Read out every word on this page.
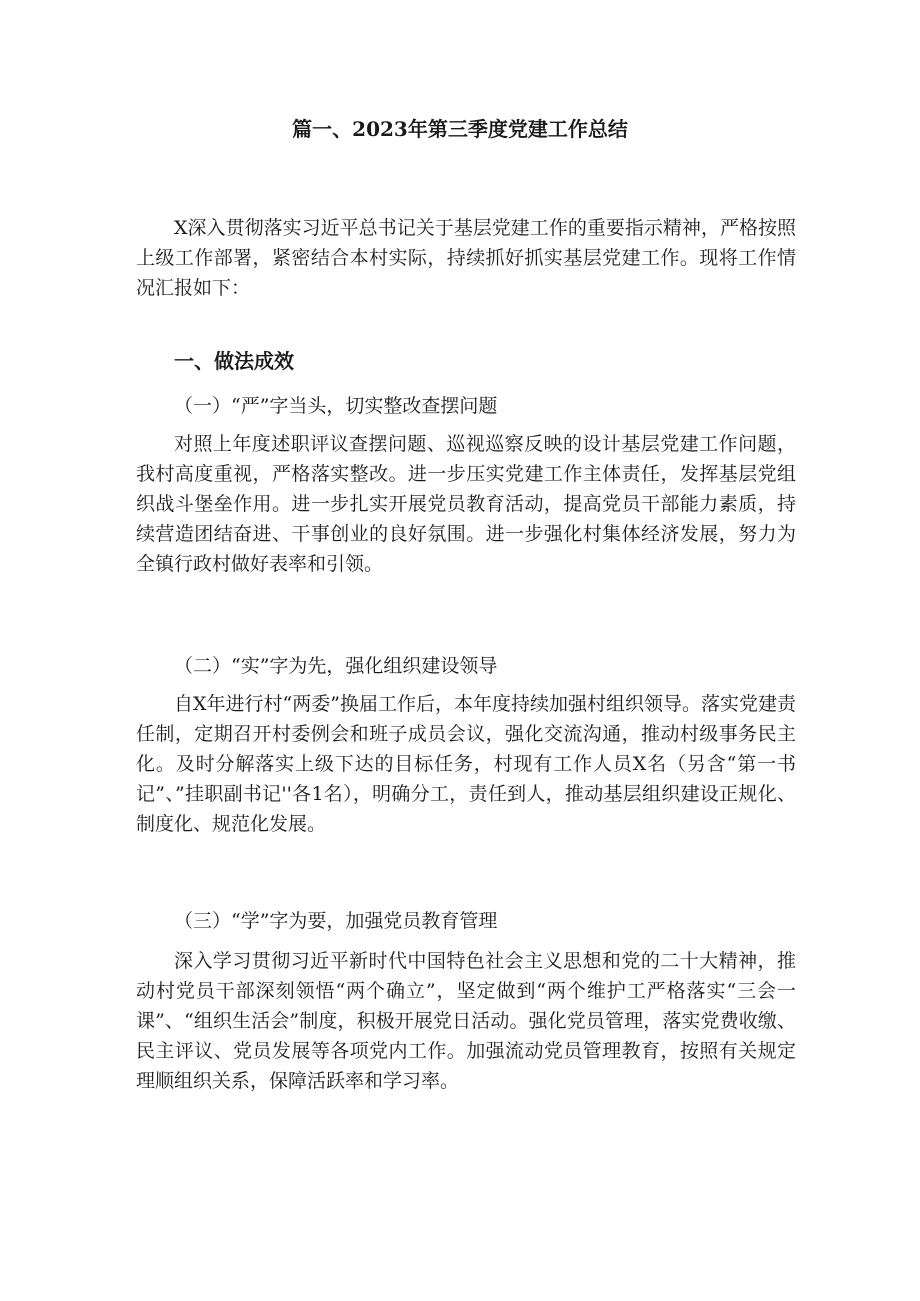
篇一、2023年第三季度党建工作总结

X深入贯彻落实习近平总书记关于基层党建工作的重要指示精神，严格按照上级工作部署，紧密结合本村实际，持续抓好抓实基层党建工作。现将工作情况汇报如下：

一、做法成效

（一）“严”字当头，切实整改查摆问题

对照上年度述职评议查摆问题、巡视巡察反映的设计基层党建工作问题，我村高度重视，严格落实整改。进一步压实党建工作主体责任，发挥基层党组织战斗堡垒作用。进一步扎实开展党员教育活动，提高党员干部能力素质，持续营造团结奋进、干事创业的良好氛围。进一步强化村集体经济发展，努力为全镇行政村做好表率和引领。

（二）“实”字为先，强化组织建设领导

自X年进行村“两委”换届工作后，本年度持续加强村组织领导。落实党建责任制，定期召开村委例会和班子成员会议，强化交流沟通，推动村级事务民主化。及时分解落实上级下达的目标任务，村现有工作人员X名（另含“第一书记”、”挂职副书记''各1名），明确分工，责任到人，推动基层组织建设正规化、制度化、规范化发展。

（三）“学”字为要，加强党员教育管理

深入学习贯彻习近平新时代中国特色社会主义思想和党的二十大精神，推动村党员干部深刻领悟“两个确立”，坚定做到“两个维护工严格落实“三会一课”、“组织生活会”制度，积极开展党日活动。强化党员管理，落实党费收缴、民主评议、党员发展等各项党内工作。加强流动党员管理教育，按照有关规定理顺组织关系，保障活跃率和学习率。
